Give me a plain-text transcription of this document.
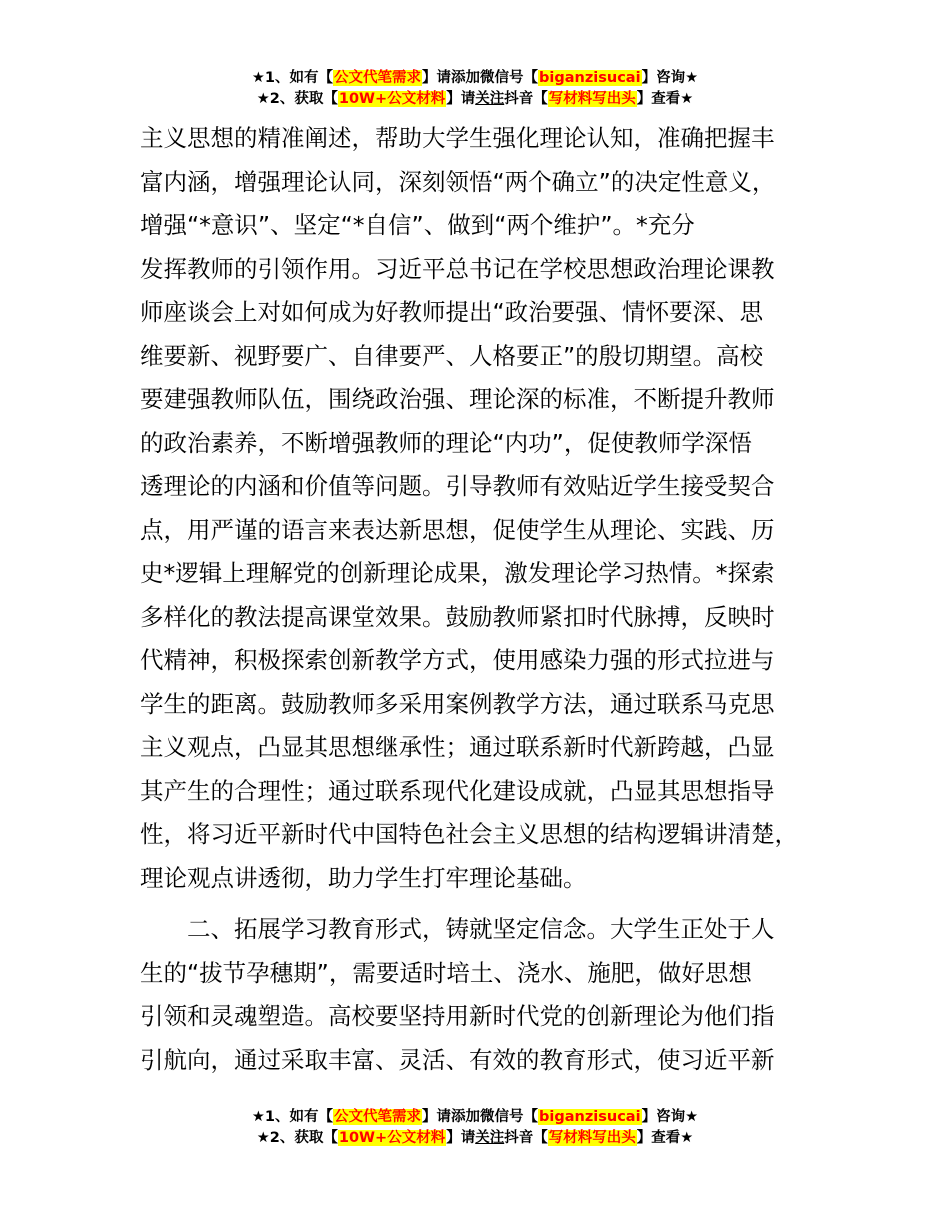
★1、如有【公文代笔需求】请添加微信号【biganzisucai】咨询★
★2、获取【10W+公文材料】请关注抖音【写材料写出头】查看★
主义思想的精准阐述，帮助大学生强化理论认知，准确把握丰
富内涵，增强理论认同，深刻领悟“两个确立”的决定性意义，
增强“*意识”、坚定“*自信”、做到“两个维护”。*充分
发挥教师的引领作用。习近平总书记在学校思想政治理论课教
师座谈会上对如何成为好教师提出“政治要强、情怀要深、思
维要新、视野要广、自律要严、人格要正”的殷切期望。高校
要建强教师队伍，围绕政治强、理论深的标准，不断提升教师
的政治素养，不断增强教师的理论“内功”，促使教师学深悟
透理论的内涵和价值等问题。引导教师有效贴近学生接受契合
点，用严谨的语言来表达新思想，促使学生从理论、实践、历
史*逻辑上理解党的创新理论成果，激发理论学习热情。*探索
多样化的教法提高课堂效果。鼓励教师紧扣时代脉搏，反映时
代精神，积极探索创新教学方式，使用感染力强的形式拉进与
学生的距离。鼓励教师多采用案例教学方法，通过联系马克思
主义观点，凸显其思想继承性；通过联系新时代新跨越，凸显
其产生的合理性；通过联系现代化建设成就，凸显其思想指导
性，将习近平新时代中国特色社会主义思想的结构逻辑讲清楚，
理论观点讲透彻，助力学生打牢理论基础。
　　二、拓展学习教育形式，铸就坚定信念。大学生正处于人
生的“拔节孕穗期”，需要适时培土、浇水、施肥，做好思想
引领和灵魂塑造。高校要坚持用新时代党的创新理论为他们指
引航向，通过采取丰富、灵活、有效的教育形式，使习近平新
★1、如有【公文代笔需求】请添加微信号【biganzisucai】咨询★
★2、获取【10W+公文材料】请关注抖音【写材料写出头】查看★
